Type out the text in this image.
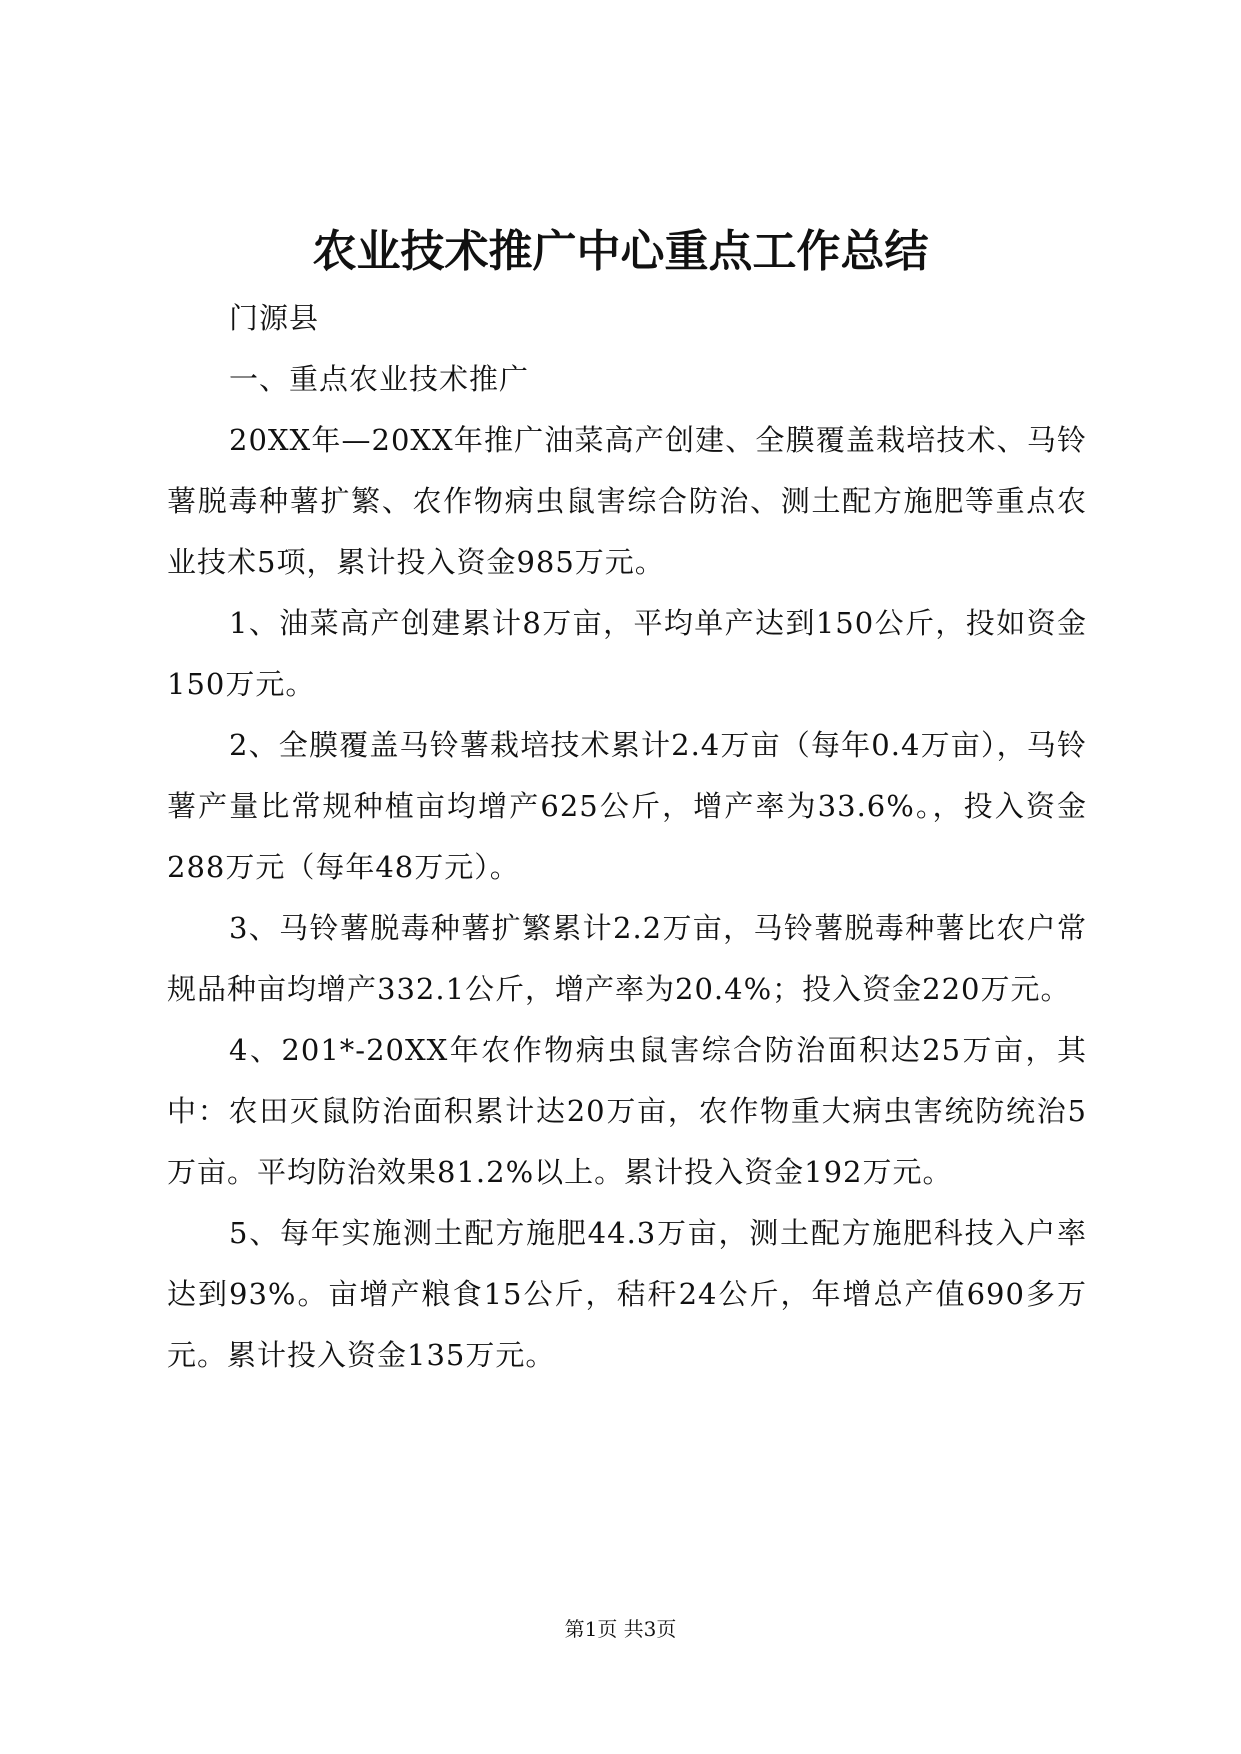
农业技术推广中心重点工作总结

门源县

一、重点农业技术推广

20XX年—20XX年推广油菜高产创建、全膜覆盖栽培技术、马铃薯脱毒种薯扩繁、农作物病虫鼠害综合防治、测土配方施肥等重点农业技术5项，累计投入资金985万元。

1、油菜高产创建累计8万亩，平均单产达到150公斤，投如资金150万元。

2、全膜覆盖马铃薯栽培技术累计2.4万亩（每年0.4万亩），马铃薯产量比常规种植亩均增产625公斤，增产率为33.6%。，投入资金288万元（每年48万元）。

3、马铃薯脱毒种薯扩繁累计2.2万亩，马铃薯脱毒种薯比农户常规品种亩均增产332.1公斤，增产率为20.4%；投入资金220万元。

4、201*-20XX年农作物病虫鼠害综合防治面积达25万亩，其中：农田灭鼠防治面积累计达20万亩，农作物重大病虫害统防统治5万亩。平均防治效果81.2%以上。累计投入资金192万元。

5、每年实施测土配方施肥44.3万亩，测土配方施肥科技入户率达到93%。亩增产粮食15公斤，秸秆24公斤，年增总产值690多万元。累计投入资金135万元。

第1页 共3页
